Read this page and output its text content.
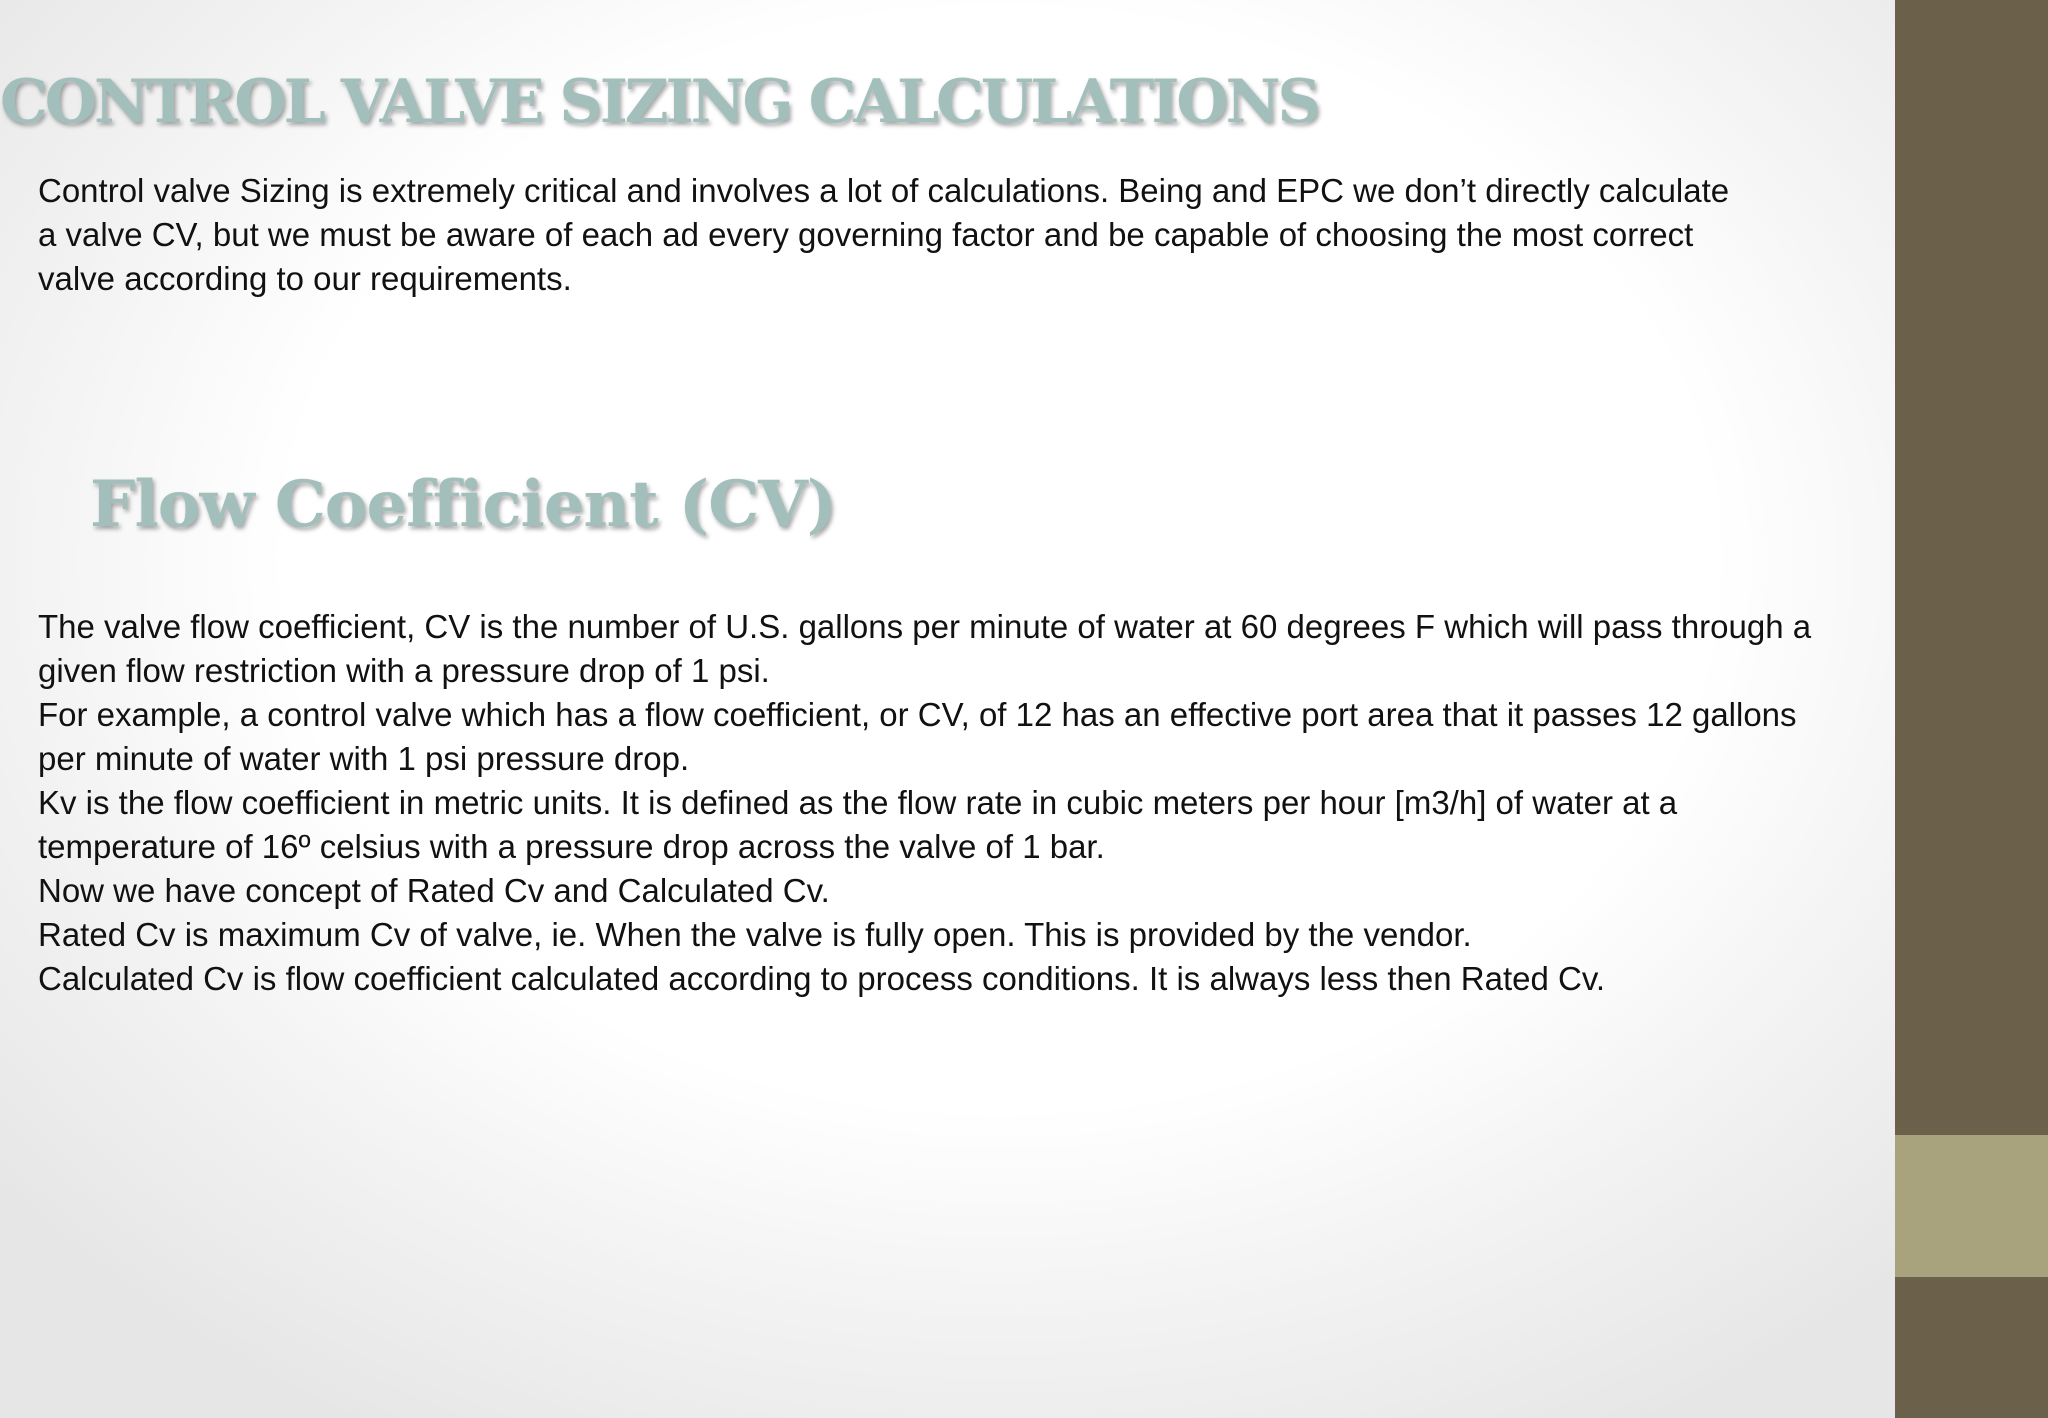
CONTROL VALVE SIZING CALCULATIONS
Control valve Sizing is extremely critical and involves a lot of calculations. Being and EPC we don’t directly calculate
a valve CV, but we must be aware of each ad every governing factor and be capable of choosing the most correct
valve according to our requirements.
Flow Coefficient (CV)
The valve flow coefficient, CV is the number of U.S. gallons per minute of water at 60 degrees F which will pass through a
given flow restriction with a pressure drop of 1 psi.
For example, a control valve which has a flow coefficient, or CV, of 12 has an effective port area that it passes 12 gallons
per minute of water with 1 psi pressure drop.
Kv is the flow coefficient in metric units. It is defined as the flow rate in cubic meters per hour [m3/h] of water at a
temperature of 16º celsius with a pressure drop across the valve of 1 bar.
Now we have concept of Rated Cv and Calculated Cv.
Rated Cv is maximum Cv of valve, ie. When the valve is fully open. This is provided by the vendor.
Calculated Cv is flow coefficient calculated according to process conditions. It is always less then Rated Cv.
